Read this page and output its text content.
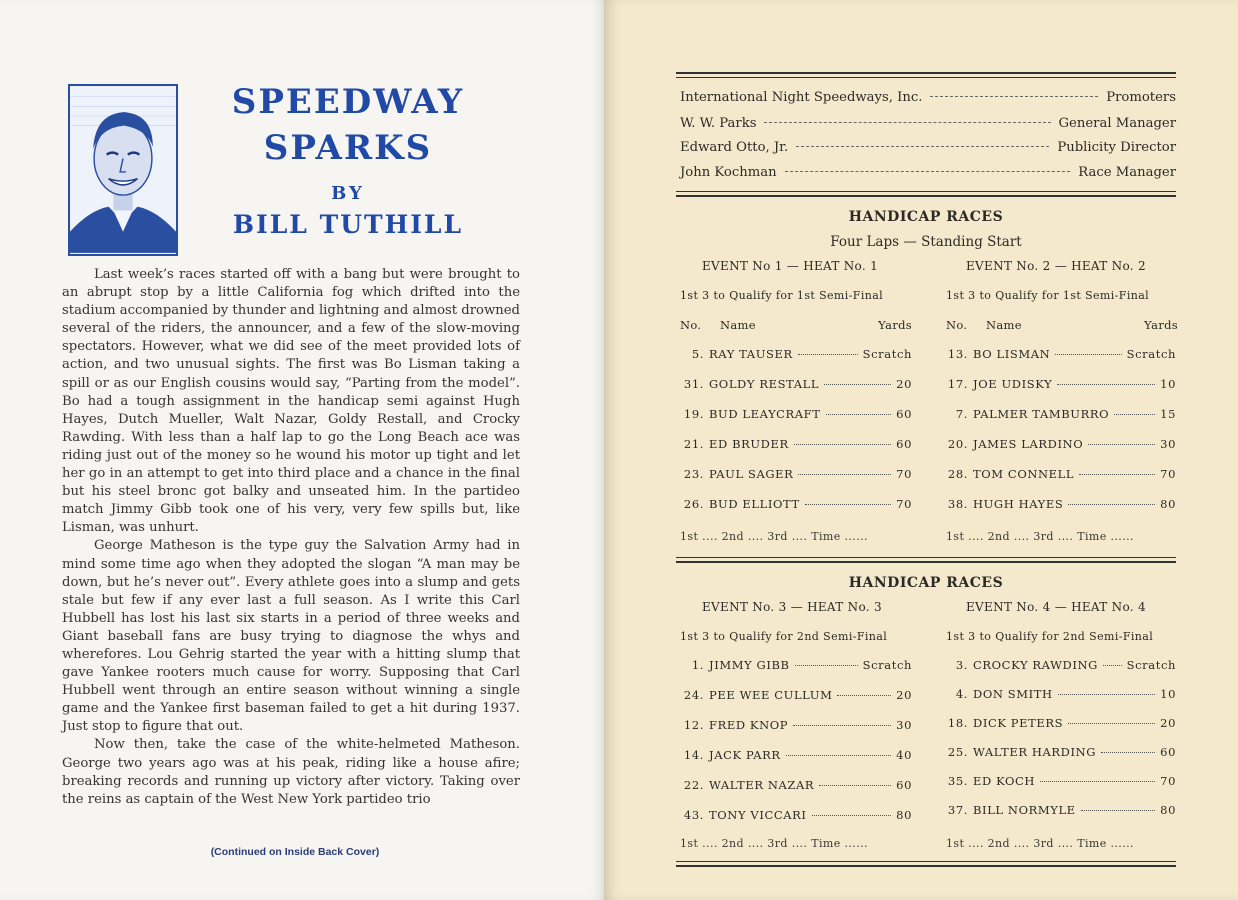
SPEEDWAY
SPARKS
BY
BILL TUTHILL

Last week’s races started off with a bang but were brought to an abrupt stop by a little California fog which drifted into the stadium accompanied by thunder and lightning and almost drowned several of the riders, the announcer, and a few of the slow-moving spectators. However, what we did see of the meet provided lots of action, and two unusual sights. The first was Bo Lisman taking a spill or as our English cousins would say, “Parting from the model”. Bo had a tough assignment in the handicap semi against Hugh Hayes, Dutch Mueller, Walt Nazar, Goldy Restall, and Crocky Rawding. With less than a half lap to go the Long Beach ace was riding just out of the money so he wound his motor up tight and let her go in an attempt to get into third place and a chance in the final but his steel bronc got balky and unseated him. In the partideo match Jimmy Gibb took one of his very, very few spills but, like Lisman, was unhurt.

George Matheson is the type guy the Salvation Army had in mind some time ago when they adopted the slogan “A man may be down, but he’s never out”. Every athlete goes into a slump and gets stale but few if any ever last a full season. As I write this Carl Hubbell has lost his last six starts in a period of three weeks and Giant baseball fans are busy trying to diagnose the whys and wherefores. Lou Gehrig started the year with a hitting slump that gave Yankee rooters much cause for worry. Supposing that Carl Hubbell went through an entire season without winning a single game and the Yankee first baseman failed to get a hit during 1937. Just stop to figure that out.

Now then, take the case of the white-helmeted Matheson. George two years ago was at his peak, riding like a house afire; breaking records and running up victory after victory. Taking over the reins as captain of the West New York partideo trio

(Continued on Inside Back Cover)
International Night Speedways, Inc.	Promoters
W. W. Parks	General Manager
Edward Otto, Jr.	Publicity Director
John Kochman	Race Manager
HANDICAP RACES
Four Laps — Standing Start
EVENT No 1 — HEAT No. 1	EVENT No. 2 — HEAT No. 2
1st 3 to Qualify for 1st Semi-Final	1st 3 to Qualify for 1st Semi-Final
No.	Name	Yards	No.	Name	Yards
5. RAY TAUSER	Scratch
31. GOLDY RESTALL	20
19. BUD LEAYCRAFT	60
21. ED BRUDER	60
23. PAUL SAGER	70
26. BUD ELLIOTT	70
13. BO LISMAN	Scratch
17. JOE UDISKY	10
7. PALMER TAMBURRO	15
20. JAMES LARDINO	30
28. TOM CONNELL	70
38. HUGH HAYES	80
1st .... 2nd .... 3rd .... Time ......	1st .... 2nd .... 3rd .... Time ......
HANDICAP RACES
EVENT No. 3 — HEAT No. 3	EVENT No. 4 — HEAT No. 4
1st 3 to Qualify for 2nd Semi-Final	1st 3 to Qualify for 2nd Semi-Final
1. JIMMY GIBB	Scratch
24. PEE WEE CULLUM	20
12. FRED KNOP	30
14. JACK PARR	40
22. WALTER NAZAR	60
43. TONY VICCARI	80
3. CROCKY RAWDING Scratch
4. DON SMITH	10
18. DICK PETERS	20
25. WALTER HARDING	60
35. ED KOCH	70
37. BILL NORMYLE	80
1st .... 2nd .... 3rd .... Time ......	1st .... 2nd .... 3rd .... Time ......
